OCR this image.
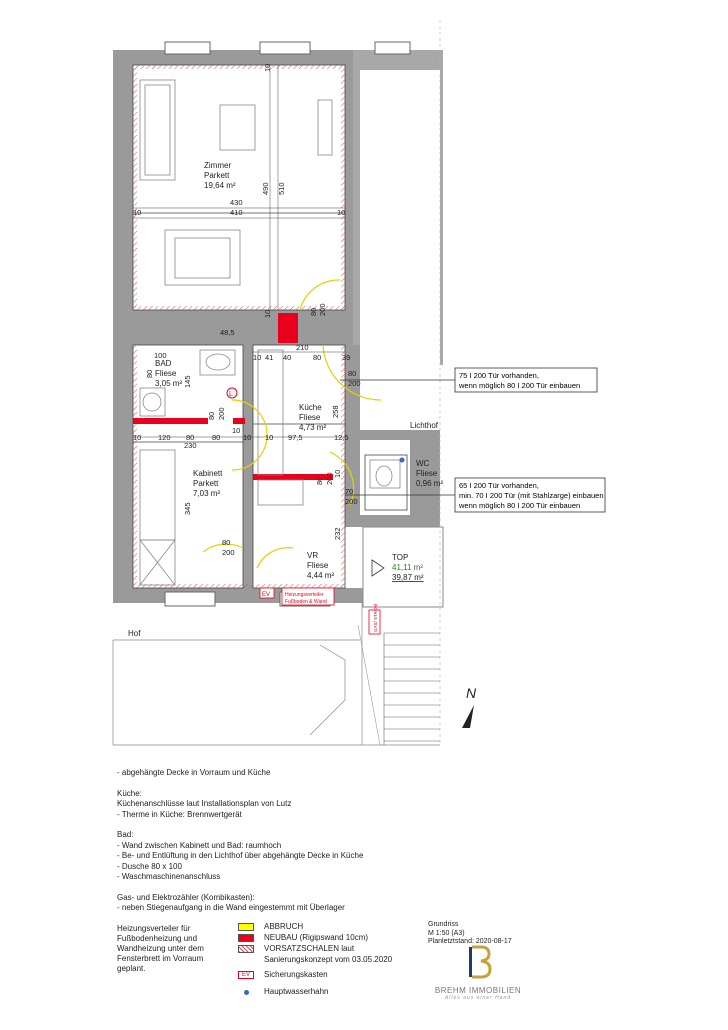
Zimmer
Parkett
19,64 m²
BAD
Fliese
3,05 m²
Küche
Fliese
4,73 m²
WC
Fliese
0,96 m²
Kabinett
Parkett
7,03 m²
VR
Fliese
4,44 m²
TOP
41,11 m²
39,87 m²
Lichthof
Hof
430
410
10	10
490 510
10
10	80 200
48,5
210
100
80
145
80 200
10 41 40	80	39
80
200
258
10 120 80 80
10
10
230
10 97,5	12,5
80 200 10
70
200
345
232
80
200
L
EV	Heizungsverteiler
Fußboden & Wand
GAS/ STROM
75 I 200 Tür vorhanden,
wenn möglich 80 I 200 Tür einbauen
65 I 200 Tür vorhanden,
min. 70 I 200 Tür (mit Stahlzarge) einbauen
wenn möglich 80 I 200 Tür einbauen
N

- abgehängte Decke in Vorraum und Küche

Küche:

Küchenanschlüsse laut Installationsplan von Lutz

- Therme in Küche: Brennwertgerät

Bad:

- Wand zwischen Kabinett und Bad: raumhoch

- Be- und Entlüftung in den Lichthof über abgehängte Decke in Küche

- Dusche 80 x 100

- Waschmaschinenanschluss

Gas- und Elektrozähler (Kombikasten):

- neben Stiegenaufgang in die Wand eingestemmt mit Überlager

Heizungsverteiler für
Fußbodenheizung und
Wandheizung unter dem
Fensterbrett im Vorraum
geplant.
ABBRUCH
NEUBAU (Rigipswand 10cm)
VORSATZSCHALEN laut
Sanierungskonzept vom 03.05.2020
EV	Sicherungskasten
Hauptwasserhahn
Grundriss
M 1:50 (A3)
Planletztstand: 2020-08-17
BREHM IMMOBILIEN
Alles aus einer Hand
